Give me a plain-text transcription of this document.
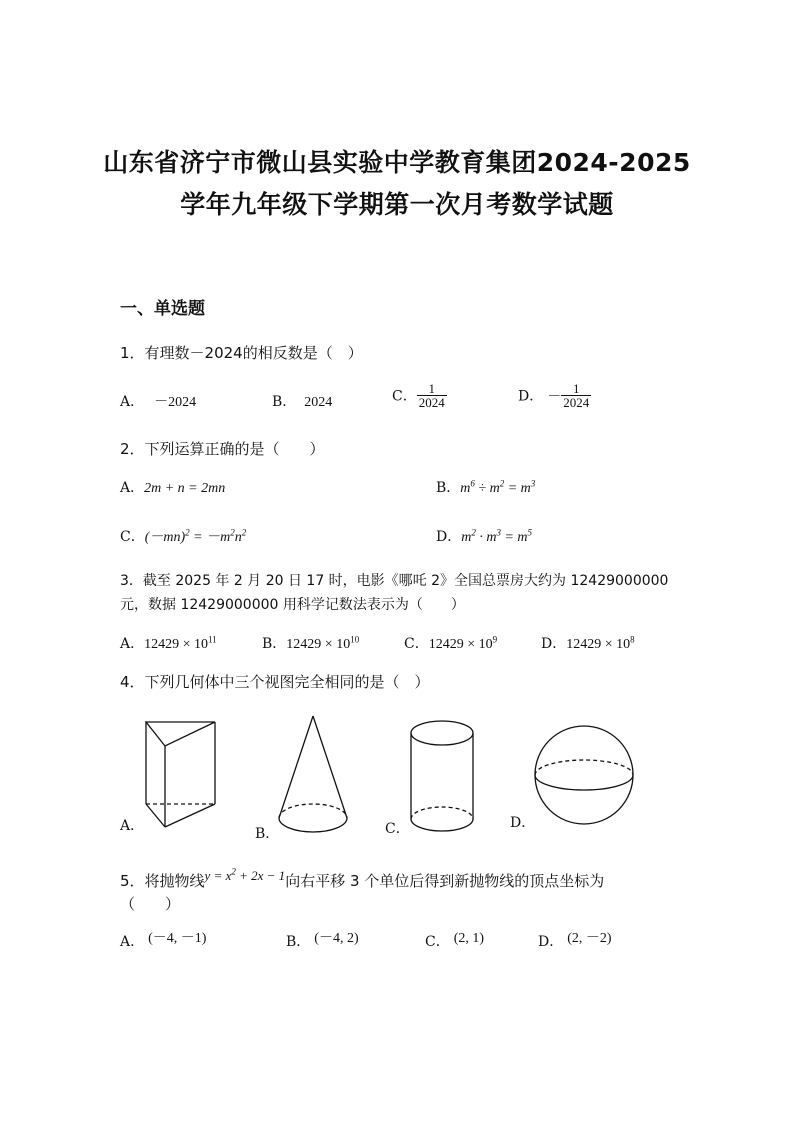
山东省济宁市微山县实验中学教育集团2024-2025
学年九年级下学期第一次月考数学试题
一、单选题
1．有理数－2024的相反数是（　）
A． －2024	B． 2024	C． $\frac{1}{2024}$	D． － $\frac{1}{2024}$
2．下列运算正确的是（　　）
A．2m + n = 2mn	B．$m^6 \div m^2 = m^3$
C．$(-mn)^2 = -m^2n^2$	D．$m^2 \cdot m^3 = m^5$
3．截至 2025 年 2 月 20 日 17 时，电影《哪吒 2》全国总票房大约为 12429000000
元，数据 12429000000 用科学记数法表示为（　　）
A．$12429 \times 10^{11}$	B．$12429 \times 10^{10}$	C．$12429 \times 10^9$	D．$12429 \times 10^8$
4．下列几何体中三个视图完全相同的是（　）
A．	B．	C．	D．
5．将抛物线$y = x^2 + 2x - 1$向右平移 3 个单位后得到新抛物线的顶点坐标为
（　　）
A． (－4, －1)	B． (－4, 2)	C． (2, 1)	D． (2, －2)
